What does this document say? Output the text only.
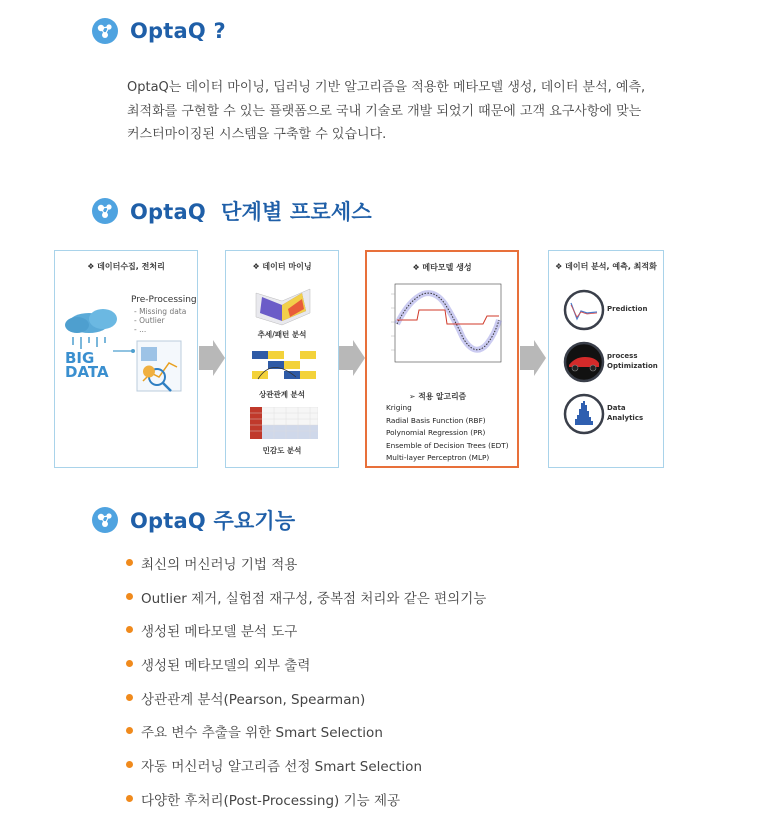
OptaQ ?
OptaQ는 데이터 마이닝, 딥러닝 기반 알고리즘을 적용한 메타모델 생성, 데이터 분석, 예측,
최적화를 구현할 수 있는 플랫폼으로 국내 기술로 개발 되었기 때문에 고객 요구사항에 맞는
커스터마이징된 시스템을 구축할 수 있습니다.
OptaQ  단계별 프로세스
❖ 데이터수집, 전처리
Pre-Processing
- Missing data
- Outlier
- ...
BIG
DATA
❖ 데이터 마이닝
추세/패턴 분석
상관관계 분석
민감도 분석
❖ 메타모델 생성
➢ 적용 알고리즘
Kriging
Radial Basis Function (RBF)
Polynomial Regression (PR)
Ensemble of Decision Trees (EDT)
Multi-layer Perceptron (MLP)
❖ 데이터 분석, 예측, 최적화
Prediction
process
Optimization
Data
Analytics
OptaQ 주요기능
최신의 머신러닝 기법 적용
Outlier 제거, 실험점 재구성, 중복점 처리와 같은 편의기능
생성된 메타모델 분석 도구
생성된 메타모델의 외부 출력
상관관계 분석(Pearson, Spearman)
주요 변수 추출을 위한 Smart Selection
자동 머신러닝 알고리즘 선정 Smart Selection
다양한 후처리(Post-Processing) 기능 제공
